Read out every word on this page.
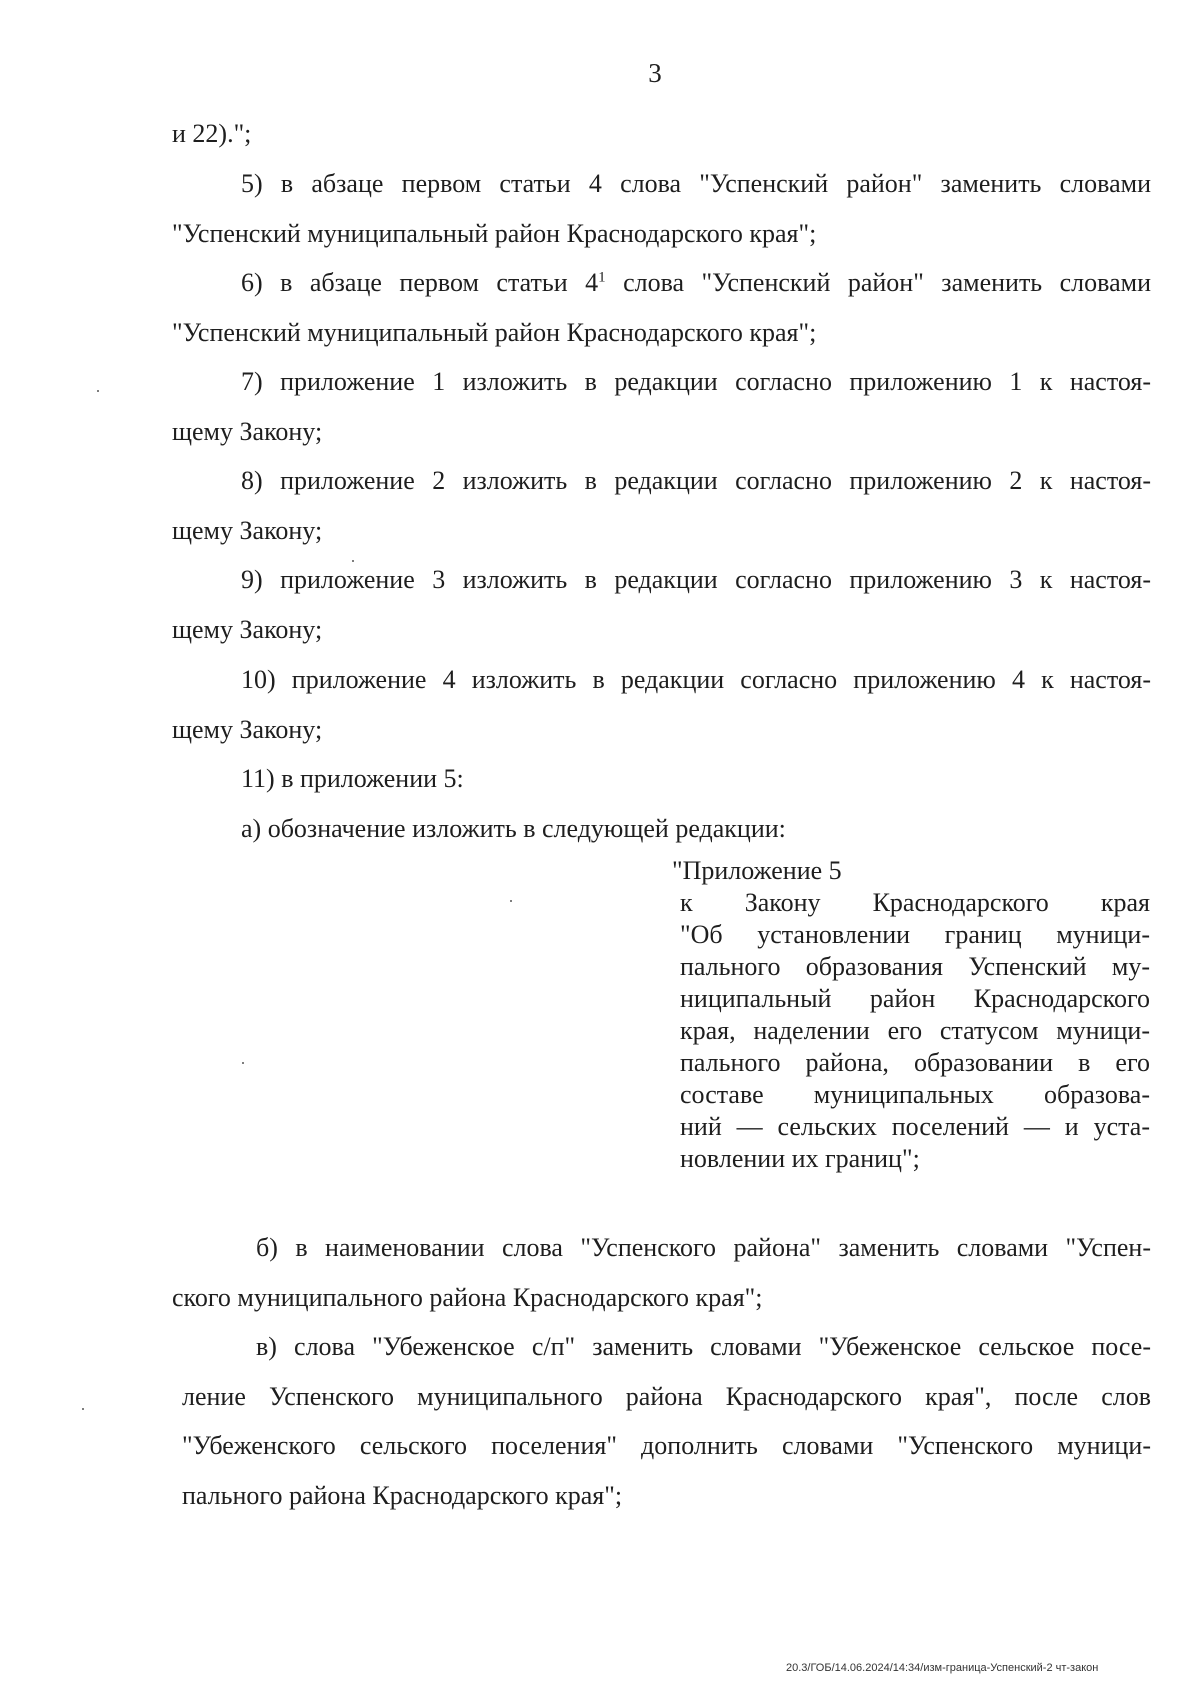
3
и 22).";
5) в абзаце первом статьи 4 слова "Успенский район" заменить словами
"Успенский муниципальный район Краснодарского края";
6) в абзаце первом статьи $4^1$ слова "Успенский район" заменить словами
"Успенский муниципальный район Краснодарского края";
7) приложение 1 изложить в редакции согласно приложению 1 к настоя-
щему Закону;
8) приложение 2 изложить в редакции согласно приложению 2 к настоя-
щему Закону;
9) приложение 3 изложить в редакции согласно приложению 3 к настоя-
щему Закону;
10) приложение 4 изложить в редакции согласно приложению 4 к настоя-
щему Закону;
11) в приложении 5:
а) обозначение изложить в следующей редакции:
"Приложение 5
к Закону Краснодарского края
"Об установлении границ муници-
пального образования Успенский му-
ниципальный район Краснодарского
края, наделении его статусом муници-
пального района, образовании в его
составе муниципальных образова-
ний — сельских поселений — и уста-
новлении их границ";
б) в наименовании слова "Успенского района" заменить словами "Успен-
ского муниципального района Краснодарского края";
в) слова "Убеженское с/п" заменить словами "Убеженское сельское посе-
ление Успенского муниципального района Краснодарского края", после слов
"Убеженского сельского поселения" дополнить словами "Успенского муници-
пального района Краснодарского края";
20.3/ГОБ/14.06.2024/14:34/изм-граница-Успенский-2 чт-закон
